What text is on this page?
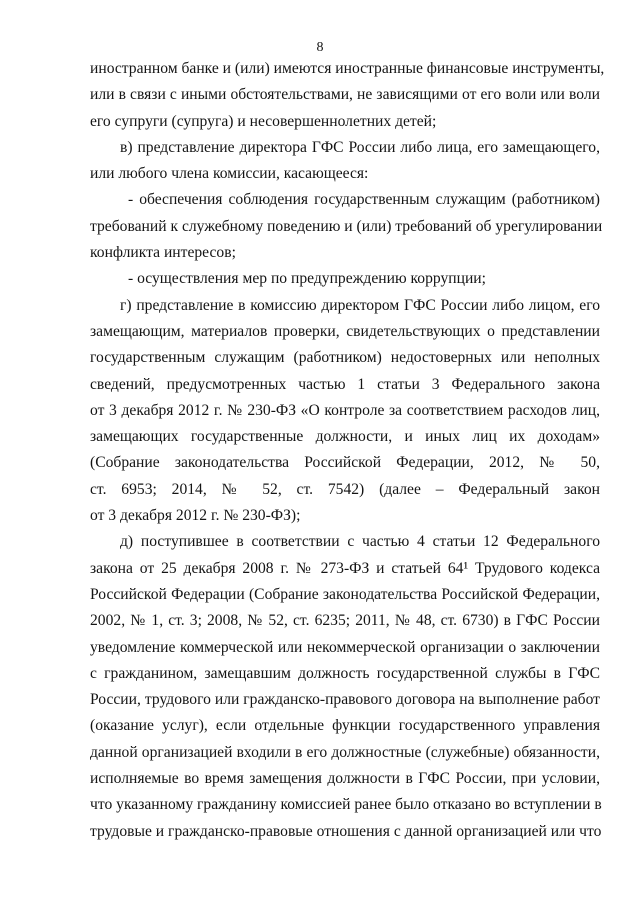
8
иностранном банке и (или) имеются иностранные финансовые инструменты,
или в связи с иными обстоятельствами, не зависящими от его воли или воли
его супруги (супруга) и несовершеннолетних детей;
в) представление директора ГФС России либо лица, его замещающего,
или любого члена комиссии, касающееся:
- обеспечения соблюдения государственным служащим (работником)
требований к служебному поведению и (или) требований об урегулировании
конфликта интересов;
- осуществления мер по предупреждению коррупции;
г) представление в комиссию директором ГФС России либо лицом, его
замещающим, материалов проверки, свидетельствующих о представлении
государственным служащим (работником) недостоверных или неполных
сведений, предусмотренных частью 1 статьи 3 Федерального закона
от 3 декабря 2012 г. № 230-ФЗ «О контроле за соответствием расходов лиц,
замещающих государственные должности, и иных лиц их доходам»
(Собрание законодательства Российской Федерации, 2012, № 50,
ст. 6953; 2014, № 52, ст. 7542) (далее – Федеральный закон
от 3 декабря 2012 г. № 230-ФЗ);
д) поступившее в соответствии с частью 4 статьи 12 Федерального
закона от 25 декабря 2008 г. № 273-ФЗ и статьей 64¹ Трудового кодекса
Российской Федерации (Собрание законодательства Российской Федерации,
2002, № 1, ст. 3; 2008, № 52, ст. 6235; 2011, № 48, ст. 6730) в ГФС России
уведомление коммерческой или некоммерческой организации о заключении
с гражданином, замещавшим должность государственной службы в ГФС
России, трудового или гражданско-правового договора на выполнение работ
(оказание услуг), если отдельные функции государственного управления
данной организацией входили в его должностные (служебные) обязанности,
исполняемые во время замещения должности в ГФС России, при условии,
что указанному гражданину комиссией ранее было отказано во вступлении в
трудовые и гражданско-правовые отношения с данной организацией или что
